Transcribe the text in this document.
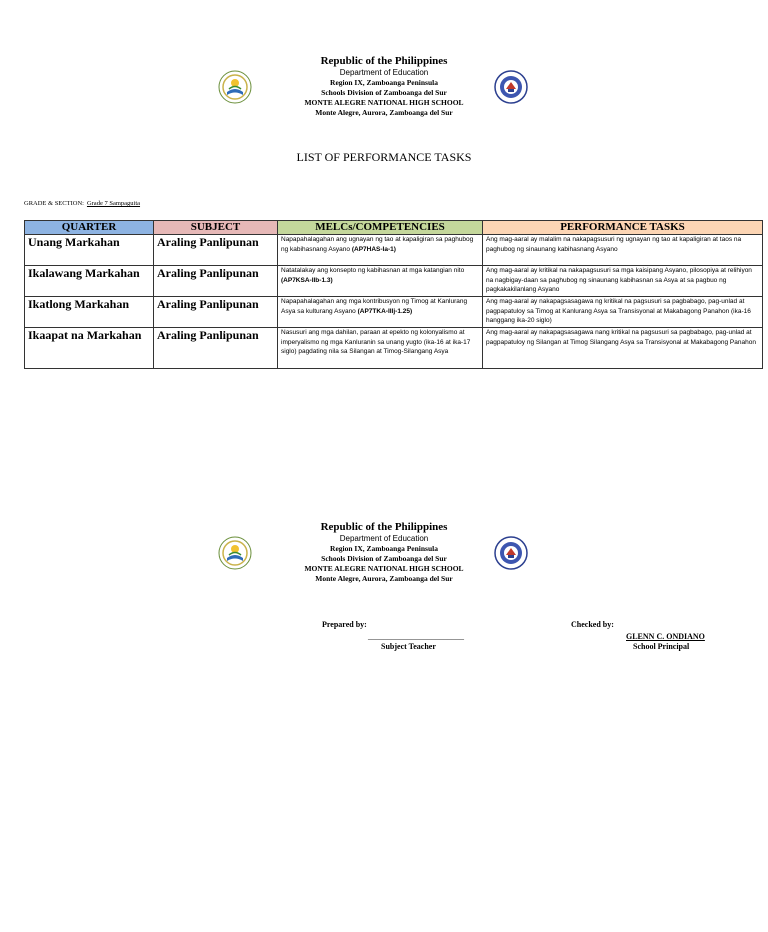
Republic of the Philippines
Department of Education
Region IX, Zamboanga Peninsula
Schools Division of Zamboanga del Sur
MONTE ALEGRE NATIONAL HIGH SCHOOL
Monte Alegre, Aurora, Zamboanga del Sur
LIST OF PERFORMANCE TASKS
GRADE & SECTION: Grade 7 Sampaguita
QUARTER	SUBJECT	MELCs/COMPETENCIES	PERFORMANCE TASKS
Unang Markahan	Araling Panlipunan	Napapahalagahan ang ugnayan ng tao at kapaligiran sa paghubog ng kabihasnang Asyano (AP7HAS-Ia-1)	Ang mag-aaral ay malalim na nakapagsusuri ng ugnayan ng tao at kapaligiran at taos na paghubog ng sinaunang kabihasnang Asyano
Ikalawang Markahan	Araling Panlipunan	Natatalakay ang konsepto ng kabihasnan at mga katangian nito (AP7KSA-IIb-1.3)	Ang mag-aaral ay kritikal na nakapagsusuri sa mga kaisipang Asyano, pilosopiya at relihiyon na nagbigay-daan sa paghubog ng sinaunang kabihasnan sa Asya at sa pagbuo ng pagkakakilanlang Asyano
Ikatlong Markahan	Araling Panlipunan	Napapahalagahan ang mga kontribusyon ng Timog at Kanlurang Asya sa kulturang Asyano (AP7TKA-IIIj-1.25)	Ang mag-aaral ay nakapagsasagawa ng kritikal na pagsusuri sa pagbabago, pag-unlad at pagpapatuloy sa Timog at Kanlurang Asya sa Transisyonal at Makabagong Panahon (ika-16 hanggang ika-20 siglo)
Ikaapat na Markahan	Araling Panlipunan	Nasusuri ang mga dahilan, paraan at epekto ng kolonyalismo at imperyalismo ng mga Kanluranin sa unang yugto (ika-16 at ika-17 siglo) pagdating nila sa Silangan at Timog-Silangang Asya	Ang mag-aaral ay nakapagsasagawa nang kritikal na pagsusuri sa pagbabago, pag-unlad at pagpapatuloy ng Silangan at Timog Silangang Asya sa Transisyonal at Makabagong Panahon
Republic of the Philippines
Department of Education
Region IX, Zamboanga Peninsula
Schools Division of Zamboanga del Sur
MONTE ALEGRE NATIONAL HIGH SCHOOL
Monte Alegre, Aurora, Zamboanga del Sur
Prepared by:
________________________
Subject Teacher
Checked by:
GLENN C. ONDIANO
School Principal
